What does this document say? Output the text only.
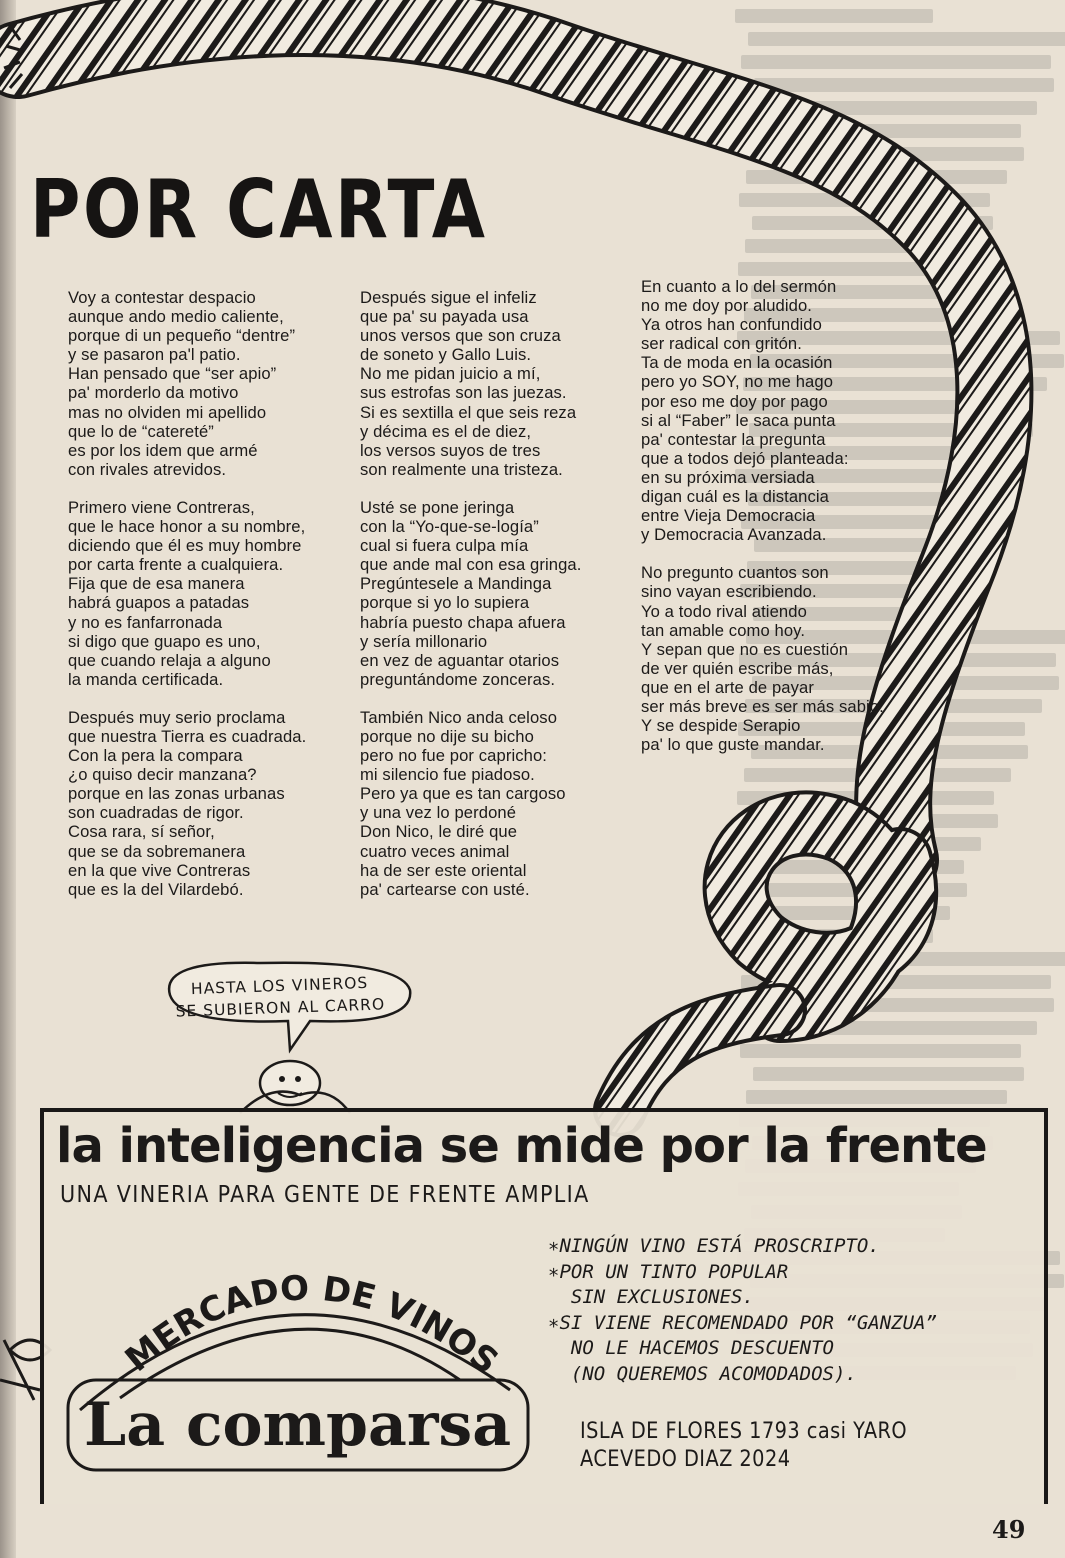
POR CARTA
Voy a contestar despacio
aunque ando medio caliente,
porque di un pequeño “dentre”
y se pasaron pa'l patio.
Han pensado que “ser apio”
pa' morderlo da motivo
mas no olviden mi apellido
que lo de “catereté”
es por los idem que armé
con rivales atrevidos.
Primero viene Contreras,
que le hace honor a su nombre,
diciendo que él es muy hombre
por carta frente a cualquiera.
Fija que de esa manera
habrá guapos a patadas
y no es fanfarronada
si digo que guapo es uno,
que cuando relaja a alguno
la manda certificada.
Después muy serio proclama
que nuestra Tierra es cuadrada.
Con la pera la compara
¿o quiso decir manzana?
porque en las zonas urbanas
son cuadradas de rigor.
Cosa rara, sí señor,
que se da sobremanera
en la que vive Contreras
que es la del Vilardebó.
Después sigue el infeliz
que pa' su payada usa
unos versos que son cruza
de soneto y Gallo Luis.
No me pidan juicio a mí,
sus estrofas son las juezas.
Si es sextilla el que seis reza
y décima es el de diez,
los versos suyos de tres
son realmente una tristeza.
Usté se pone jeringa
con la “Yo-que-se-logía”
cual si fuera culpa mía
que ande mal con esa gringa.
Pregúntesele a Mandinga
porque si yo lo supiera
habría puesto chapa afuera
y sería millonario
en vez de aguantar otarios
preguntándome zonceras.
También Nico anda celoso
porque no dije su bicho
pero no fue por capricho:
mi silencio fue piadoso.
Pero ya que es tan cargoso
y una vez lo perdoné
Don Nico, le diré que
cuatro veces animal
ha de ser este oriental
pa' cartearse con usté.
En cuanto a lo del sermón
no me doy por aludido.
Ya otros han confundido
ser radical con gritón.
Ta de moda en la ocasión
pero yo SOY, no me hago
por eso me doy por pago
si al “Faber” le saca punta
pa' contestar la pregunta
que a todos dejó planteada:
en su próxima versiada
digan cuál es la distancia
entre Vieja Democracia
y Democracia Avanzada.
No pregunto cuantos son
sino vayan escribiendo.
Yo a todo rival atiendo
tan amable como hoy.
Y sepan que no es cuestión
de ver quién escribe más,
que en el arte de payar
ser más breve es ser más sabio.
Y se despide Serapio
pa' lo que guste mandar.
HASTA LOS VINEROS
SE SUBIERON AL CARRO
la inteligencia se mide por la frente
UNA VINERIA PARA GENTE DE FRENTE AMPLIA
MERCADO DE VINOS
La comparsa
∗NINGÚN VINO ESTÁ PROSCRIPTO.
∗POR UN TINTO POPULAR
SIN EXCLUSIONES.
∗SI VIENE RECOMENDADO POR “GANZUA”
NO LE HACEMOS DESCUENTO
(NO QUEREMOS ACOMODADOS).
ISLA DE FLORES 1793 casi YARO
ACEVEDO DIAZ 2024
49
